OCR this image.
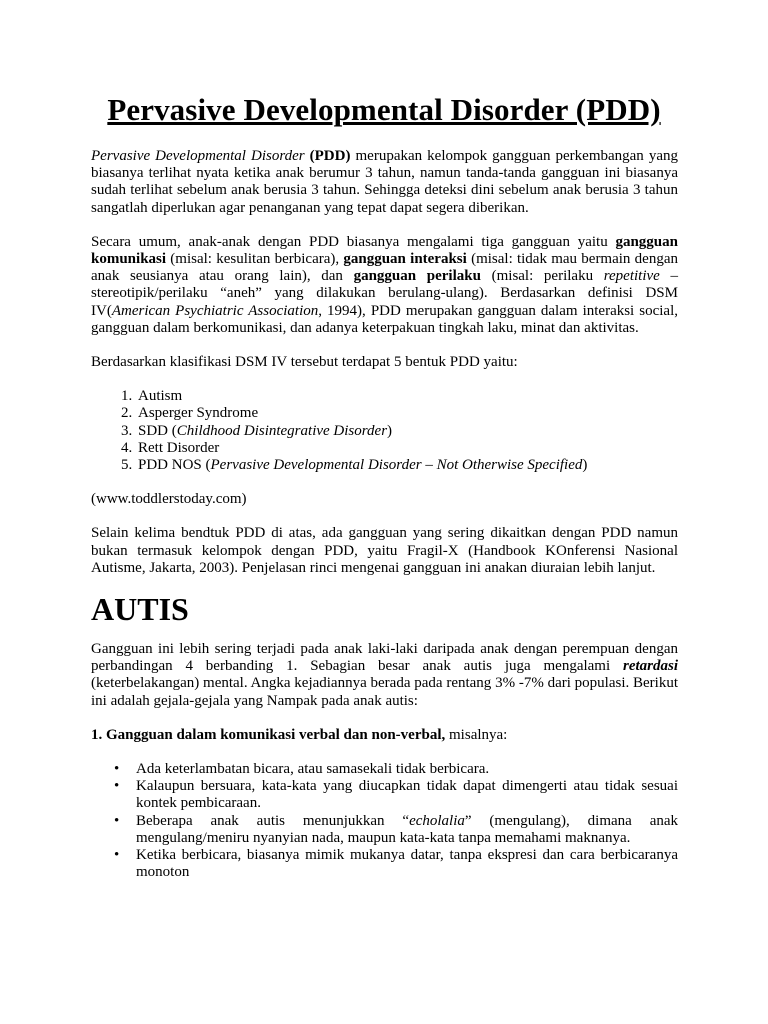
Pervasive Developmental Disorder (PDD)

Pervasive Developmental Disorder (PDD) merupakan kelompok gangguan perkembangan yang biasanya terlihat nyata ketika anak berumur 3 tahun, namun tanda-tanda gangguan ini biasanya sudah terlihat sebelum anak berusia 3 tahun. Sehingga deteksi dini sebelum anak berusia 3 tahun sangatlah diperlukan agar penanganan yang tepat dapat segera diberikan.

Secara umum, anak-anak dengan PDD biasanya mengalami tiga gangguan yaitu gangguan komunikasi (misal: kesulitan berbicara), gangguan interaksi (misal: tidak mau bermain dengan anak seusianya atau orang lain), dan gangguan perilaku (misal: perilaku repetitive – stereotipik/perilaku “aneh” yang dilakukan berulang-ulang). Berdasarkan definisi DSM IV(American Psychiatric Association, 1994), PDD merupakan gangguan dalam interaksi social, gangguan dalam berkomunikasi, dan adanya keterpakuan tingkah laku, minat dan aktivitas.

Berdasarkan klasifikasi DSM IV tersebut terdapat 5 bentuk PDD yaitu:

1. Autism
2. Asperger Syndrome
3. SDD (Childhood Disintegrative Disorder)
4. Rett Disorder
5. PDD NOS (Pervasive Developmental Disorder – Not Otherwise Specified)

(www.toddlerstoday.com)

Selain kelima bendtuk PDD di atas, ada gangguan yang sering dikaitkan dengan PDD namun bukan termasuk kelompok dengan PDD, yaitu Fragil-X (Handbook KOnferensi Nasional Autisme, Jakarta, 2003). Penjelasan rinci mengenai gangguan ini anakan diuraian lebih lanjut.

AUTIS

Gangguan ini lebih sering terjadi pada anak laki-laki daripada anak dengan perempuan dengan perbandingan 4 berbanding 1. Sebagian besar anak autis juga mengalami retardasi (keterbelakangan) mental. Angka kejadiannya berada pada rentang 3% -7% dari populasi. Berikut ini adalah gejala-gejala yang Nampak pada anak autis:

1. Gangguan dalam komunikasi verbal dan non-verbal, misalnya:

• Ada keterlambatan bicara, atau samasekali tidak berbicara.
• Kalaupun bersuara, kata-kata yang diucapkan tidak dapat dimengerti atau tidak sesuai kontek pembicaraan.
• Beberapa anak autis menunjukkan “echolalia” (mengulang), dimana anak mengulang/meniru nyanyian nada, maupun kata-kata tanpa memahami maknanya.
• Ketika berbicara, biasanya mimik mukanya datar, tanpa ekspresi dan cara berbicaranya monoton
